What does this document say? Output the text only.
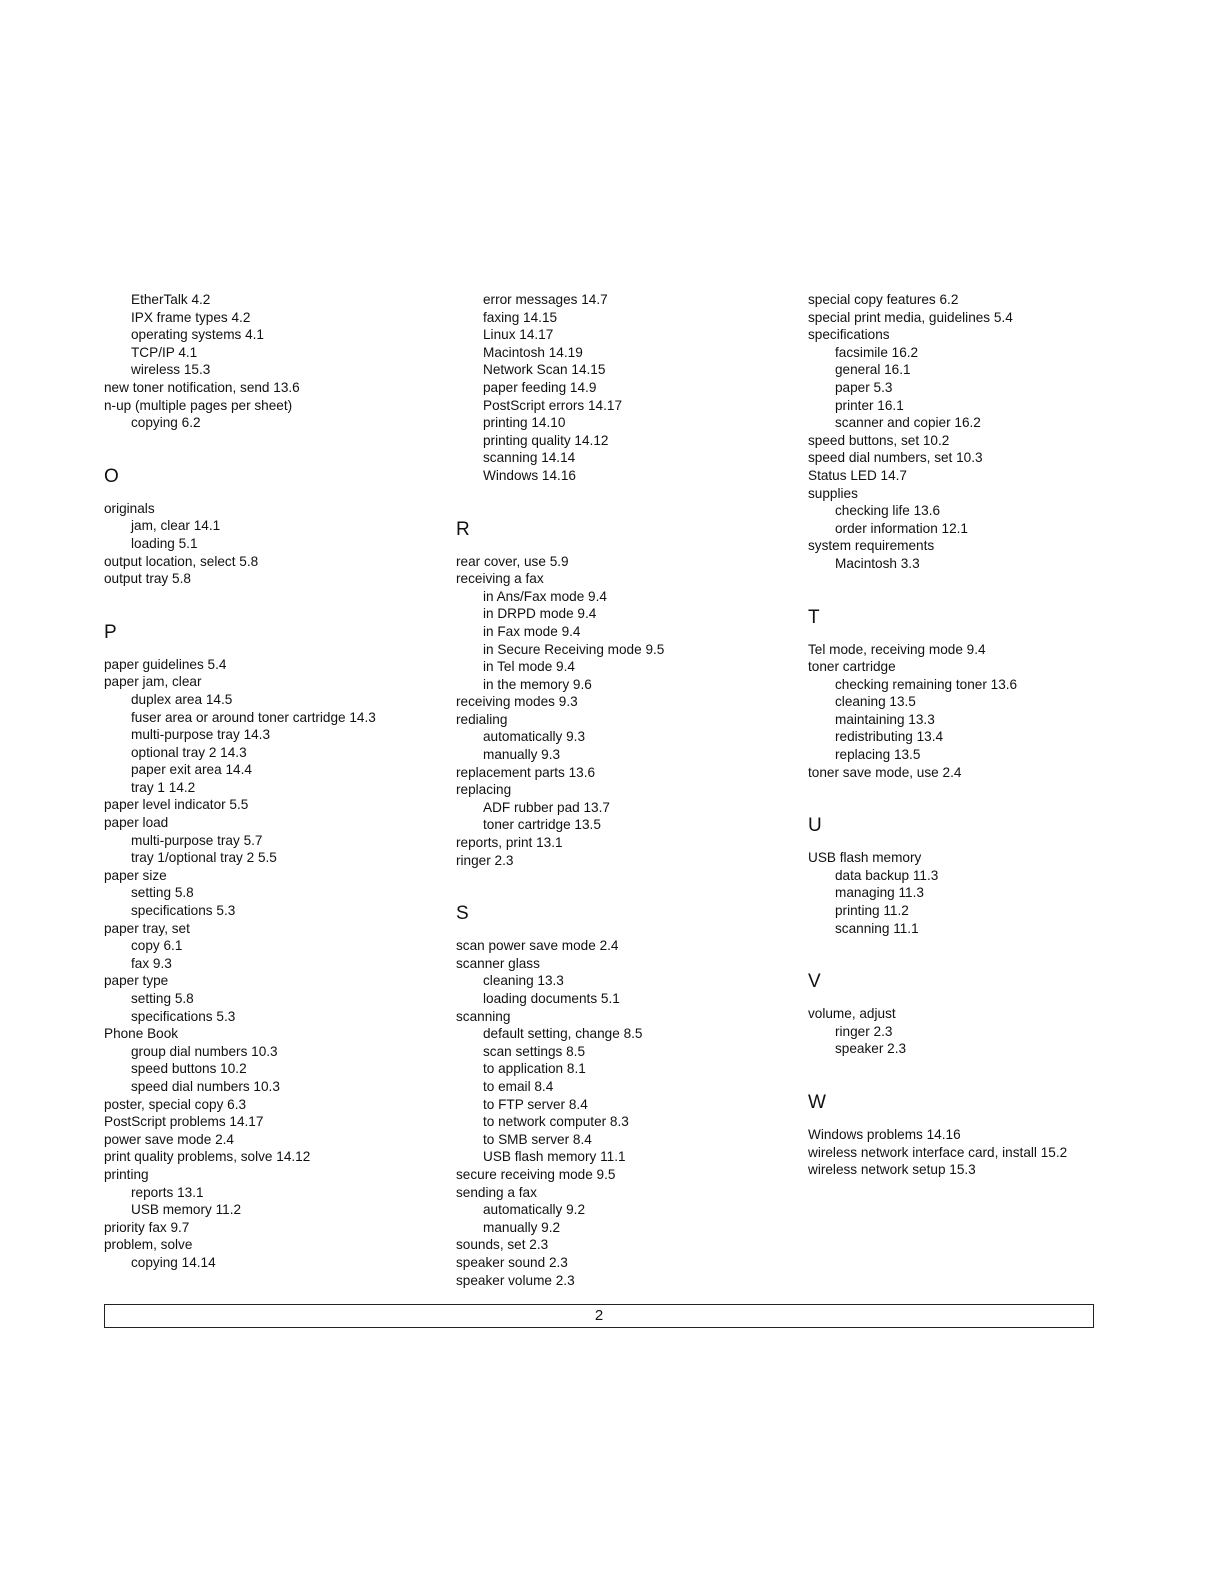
EtherTalk 4.2
IPX frame types 4.2
operating systems 4.1
TCP/IP 4.1
wireless 15.3
new toner notification, send 13.6
n-up (multiple pages per sheet)
copying 6.2
O
originals
jam, clear 14.1
loading 5.1
output location, select 5.8
output tray 5.8
P
paper guidelines 5.4
paper jam, clear
duplex area 14.5
fuser area or around toner cartridge 14.3
multi-purpose tray 14.3
optional tray 2 14.3
paper exit area 14.4
tray 1 14.2
paper level indicator 5.5
paper load
multi-purpose tray 5.7
tray 1/optional tray 2 5.5
paper size
setting 5.8
specifications 5.3
paper tray, set
copy 6.1
fax 9.3
paper type
setting 5.8
specifications 5.3
Phone Book
group dial numbers 10.3
speed buttons 10.2
speed dial numbers 10.3
poster, special copy 6.3
PostScript problems 14.17
power save mode 2.4
print quality problems, solve 14.12
printing
reports 13.1
USB memory 11.2
priority fax 9.7
problem, solve
copying 14.14
error messages 14.7
faxing 14.15
Linux 14.17
Macintosh 14.19
Network Scan 14.15
paper feeding 14.9
PostScript errors 14.17
printing 14.10
printing quality 14.12
scanning 14.14
Windows 14.16
R
rear cover, use 5.9
receiving a fax
in Ans/Fax mode 9.4
in DRPD mode 9.4
in Fax mode 9.4
in Secure Receiving mode 9.5
in Tel mode 9.4
in the memory 9.6
receiving modes 9.3
redialing
automatically 9.3
manually 9.3
replacement parts 13.6
replacing
ADF rubber pad 13.7
toner cartridge 13.5
reports, print 13.1
ringer 2.3
S
scan power save mode 2.4
scanner glass
cleaning 13.3
loading documents 5.1
scanning
default setting, change 8.5
scan settings 8.5
to application 8.1
to email 8.4
to FTP server 8.4
to network computer 8.3
to SMB server 8.4
USB flash memory 11.1
secure receiving mode 9.5
sending a fax
automatically 9.2
manually 9.2
sounds, set 2.3
speaker sound 2.3
speaker volume 2.3
special copy features 6.2
special print media, guidelines 5.4
specifications
facsimile 16.2
general 16.1
paper 5.3
printer 16.1
scanner and copier 16.2
speed buttons, set 10.2
speed dial numbers, set 10.3
Status LED 14.7
supplies
checking life 13.6
order information 12.1
system requirements
Macintosh 3.3
T
Tel mode, receiving mode 9.4
toner cartridge
checking remaining toner 13.6
cleaning 13.5
maintaining 13.3
redistributing 13.4
replacing 13.5
toner save mode, use 2.4
U
USB flash memory
data backup 11.3
managing 11.3
printing 11.2
scanning 11.1
V
volume, adjust
ringer 2.3
speaker 2.3
W
Windows problems 14.16
wireless network interface card, install 15.2
wireless network setup 15.3
2
